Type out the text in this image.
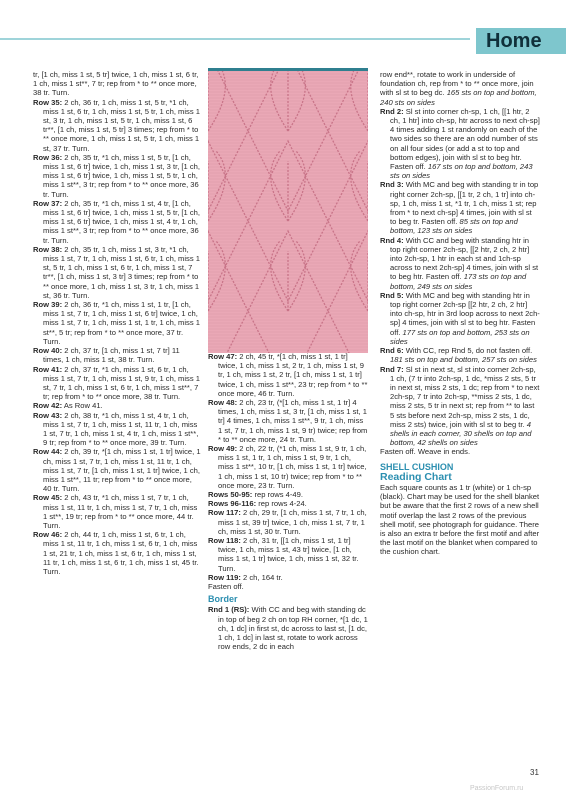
Home

tr, [1 ch, miss 1 st, 5 tr] twice, 1 ch, miss 1 st, 6 tr, 1 ch, miss 1 st**, 7 tr; rep from * to ** once more, 38 tr. Turn.

Row 35: 2 ch, 36 tr, 1 ch, miss 1 st, 5 tr, *1 ch, miss 1 st, 6 tr, 1 ch, miss 1 st, 5 tr, 1 ch, miss 1 st, 3 tr, 1 ch, miss 1 st, 5 tr, 1 ch, miss 1 st, 6 tr**, [1 ch, miss 1 st, 5 tr] 3 times; rep from * to ** once more, 1 ch, miss 1 st, 5 tr, 1 ch, miss 1 st, 37 tr. Turn.

Row 36: 2 ch, 35 tr, *1 ch, miss 1 st, 5 tr, [1 ch, miss 1 st, 6 tr] twice, 1 ch, miss 1 st, 3 tr, [1 ch, miss 1 st, 6 tr] twice, 1 ch, miss 1 st, 5 tr, 1 ch, miss 1 st**, 3 tr; rep from * to ** once more, 36 tr. Turn.

Row 37: 2 ch, 35 tr, *1 ch, miss 1 st, 4 tr, [1 ch, miss 1 st, 6 tr] twice, 1 ch, miss 1 st, 5 tr, [1 ch, miss 1 st, 6 tr] twice, 1 ch, miss 1 st, 4 tr, 1 ch, miss 1 st**, 3 tr; rep from * to ** once more, 36 tr. Turn.

Row 38: 2 ch, 35 tr, 1 ch, miss 1 st, 3 tr, *1 ch, miss 1 st, 7 tr, 1 ch, miss 1 st, 6 tr, 1 ch, miss 1 st, 5 tr, 1 ch, miss 1 st, 6 tr, 1 ch, miss 1 st, 7 tr**, [1 ch, miss 1 st, 3 tr] 3 times; rep from * to ** once more, 1 ch, miss 1 st, 3 tr, 1 ch, miss 1 st, 36 tr. Turn.

Row 39: 2 ch, 36 tr, *1 ch, miss 1 st, 1 tr, [1 ch, miss 1 st, 7 tr, 1 ch, miss 1 st, 6 tr] twice, 1 ch, miss 1 st, 7 tr, 1 ch, miss 1 st, 1 tr, 1 ch, miss 1 st**, 5 tr; rep from * to ** once more, 37 tr. Turn.

Row 40: 2 ch, 37 tr, [1 ch, miss 1 st, 7 tr] 11 times, 1 ch, miss 1 st, 38 tr. Turn.

Row 41: 2 ch, 37 tr, *1 ch, miss 1 st, 6 tr, 1 ch, miss 1 st, 7 tr, 1 ch, miss 1 st, 9 tr, 1 ch, miss 1 st, 7 tr, 1 ch, miss 1 st, 6 tr, 1 ch, miss 1 st**, 7 tr; rep from * to ** once more, 38 tr. Turn.

Row 42: As Row 41.

Row 43: 2 ch, 38 tr, *1 ch, miss 1 st, 4 tr, 1 ch, miss 1 st, 7 tr, 1 ch, miss 1 st, 11 tr, 1 ch, miss 1 st, 7 tr, 1 ch, miss 1 st, 4 tr, 1 ch, miss 1 st**, 9 tr; rep from * to ** once more, 39 tr. Turn.

Row 44: 2 ch, 39 tr, *[1 ch, miss 1 st, 1 tr] twice, 1 ch, miss 1 st, 7 tr, 1 ch, miss 1 st, 11 tr, 1 ch, miss 1 st, 7 tr, [1 ch, miss 1 st, 1 tr] twice, 1 ch, miss 1 st**, 11 tr; rep from * to ** once more, 40 tr. Turn.

Row 45: 2 ch, 43 tr, *1 ch, miss 1 st, 7 tr, 1 ch, miss 1 st, 11 tr, 1 ch, miss 1 st, 7 tr, 1 ch, miss 1 st**, 19 tr; rep from * to ** once more, 44 tr. Turn.

Row 46: 2 ch, 44 tr, 1 ch, miss 1 st, 6 tr, 1 ch, miss 1 st, 11 tr, 1 ch, miss 1 st, 6 tr, 1 ch, miss 1 st, 21 tr, 1 ch, miss 1 st, 6 tr, 1 ch, miss 1 st, 11 tr, 1 ch, miss 1 st, 6 tr, 1 ch, miss 1 st, 45 tr. Turn.

Row 47: 2 ch, 45 tr, *[1 ch, miss 1 st, 1 tr] twice, 1 ch, miss 1 st, 2 tr, 1 ch, miss 1 st, 9 tr, 1 ch, miss 1 st, 2 tr, [1 ch, miss 1 st, 1 tr] twice, 1 ch, miss 1 st**, 23 tr; rep from * to ** once more, 46 tr. Turn.

Row 48: 2 ch, 23 tr, (*[1 ch, miss 1 st, 1 tr] 4 times, 1 ch, miss 1 st, 3 tr, [1 ch, miss 1 st, 1 tr] 4 times, 1 ch, miss 1 st**, 9 tr, 1 ch, miss 1 st, 7 tr, 1 ch, miss 1 st, 9 tr) twice; rep from * to ** once more, 24 tr. Turn.

Row 49: 2 ch, 22 tr, (*1 ch, miss 1 st, 9 tr, 1 ch, miss 1 st, 1 tr, 1 ch, miss 1 st, 9 tr, 1 ch, miss 1 st**, 10 tr, [1 ch, miss 1 st, 1 tr] twice, 1 ch, miss 1 st, 10 tr) twice; rep from * to ** once more, 23 tr. Turn.

Rows 50-95: rep rows 4-49.

Rows 96-116: rep rows 4-24.

Row 117: 2 ch, 29 tr, [1 ch, miss 1 st, 7 tr, 1 ch, miss 1 st, 39 tr] twice, 1 ch, miss 1 st, 7 tr, 1 ch, miss 1 st, 30 tr. Turn.

Row 118: 2 ch, 31 tr, [[1 ch, miss 1 st, 1 tr] twice, 1 ch, miss 1 st, 43 tr] twice, [1 ch, miss 1 st, 1 tr] twice, 1 ch, miss 1 st, 32 tr. Turn.

Row 119: 2 ch, 164 tr.

Fasten off.

Border

Rnd 1 (RS): With CC and beg with standing dc in top of beg 2 ch on top RH corner, *[1 dc, 1 ch, 1 dc] in first st, dc across to last st, [1 dc, 1 ch, 1 dc] in last st, rotate to work across row ends, 2 dc in each

row end**, rotate to work in underside of foundation ch, rep from * to ** once more, join with sl st to beg dc. 165 sts on top and bottom, 240 sts on sides

Rnd 2: Sl st into corner ch-sp, 1 ch, [[1 htr, 2 ch, 1 htr] into ch-sp, htr across to next ch-sp] 4 times adding 1 st randomly on each of the two sides so there are an odd number of sts on all four sides (or add a st to top and bottom edges), join with sl st to beg htr. Fasten off. 167 sts on top and bottom, 243 sts on sides

Rnd 3: With MC and beg with standing tr in top right corner 2ch-sp, [[1 tr, 2 ch, 1 tr] into ch-sp, 1 ch, miss 1 st, *1 tr, 1 ch, miss 1 st; rep from * to next ch-sp] 4 times, join with sl st to beg tr. Fasten off. 85 sts on top and bottom, 123 sts on sides

Rnd 4: With CC and beg with standing htr in top right corner 2ch-sp, [[2 htr, 2 ch, 2 htr] into 2ch-sp, 1 htr in each st and 1ch-sp across to next 2ch-sp] 4 times, join with sl st to beg htr. Fasten off. 173 sts on top and bottom, 249 sts on sides

Rnd 5: With MC and beg with standing htr in top right corner 2ch-sp [[2 htr, 2 ch, 2 htr] into ch-sp, htr in 3rd loop across to next 2ch-sp] 4 times, join with sl st to beg htr. Fasten off. 177 sts on top and bottom, 253 sts on sides

Rnd 6: With CC, rep Rnd 5, do not fasten off. 181 sts on top and bottom, 257 sts on sides

Rnd 7: Sl st in next st, sl st into corner 2ch-sp, 1 ch, (7 tr into 2ch-sp, 1 dc, *miss 2 sts, 5 tr in next st, miss 2 sts, 1 dc; rep from * to next 2ch-sp, 7 tr into 2ch-sp, **miss 2 sts, 1 dc, miss 2 sts, 5 tr in next st; rep from ** to last 5 sts before next 2ch-sp, miss 2 sts, 1 dc, miss 2 sts) twice, join with sl st to beg tr. 4 shells in each corner, 30 shells on top and bottom, 42 shells on sides

Fasten off. Weave in ends.

SHELL CUSHION
Reading Chart

Each square counts as 1 tr (white) or 1 ch-sp (black). Chart may be used for the shell blanket but be aware that the first 2 rows of a new shell motif overlap the last 2 rows of the previous shell motif, see photograph for guidance. There is also an extra tr before the first motif and after the last motif on the blanket when compared to the cushion chart.

31
PassionForum.ru
